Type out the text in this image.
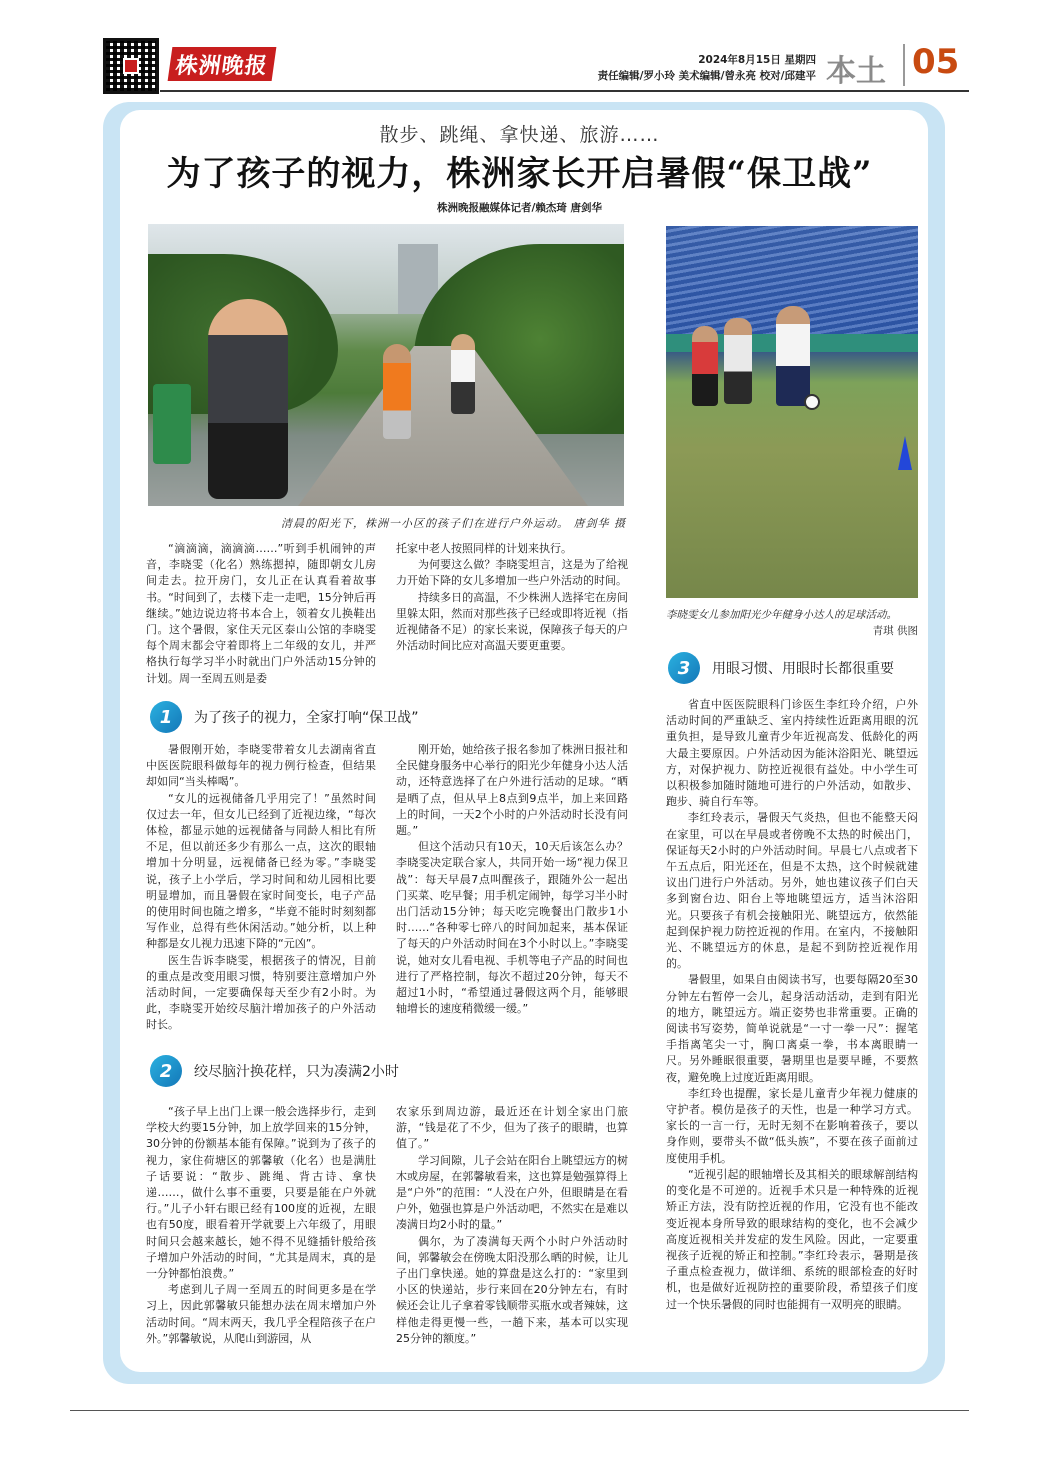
株洲晚报	2024年8月15日 星期四
责任编辑/罗小玲 美术编辑/曾永亮 校对/邱建平 本土 05
散步、跳绳、拿快递、旅游……
为了孩子的视力，株洲家长开启暑假“保卫战”
株洲晚报融媒体记者/赖杰琦 唐剑华
清晨的阳光下，株洲一小区的孩子们在进行户外运动。 唐剑华 摄
李晓雯女儿参加阳光少年健身小达人的足球活动。
青琪 供图

“滴滴滴，滴滴滴……”听到手机闹钟的声音，李晓雯（化名）熟练摁掉，随即朝女儿房间走去。拉开房门，女儿正在认真看着故事书。“时间到了，去楼下走一走吧，15分钟后再继续。”她边说边将书本合上，领着女儿换鞋出门。这个暑假，家住天元区泰山公馆的李晓雯每个周末都会守着即将上二年级的女儿，并严格执行每学习半小时就出门户外活动15分钟的计划。周一至周五则是委

托家中老人按照同样的计划来执行。

为何要这么做？李晓雯坦言，这是为了给视力开始下降的女儿多增加一些户外活动的时间。

持续多日的高温，不少株洲人选择宅在房间里躲太阳，然而对那些孩子已经或即将近视（指近视储备不足）的家长来说，保障孩子每天的户外活动时间比应对高温天要更重要。

1	为了孩子的视力，全家打响“保卫战”

暑假刚开始，李晓雯带着女儿去湖南省直中医医院眼科做每年的视力例行检查，但结果却如同“当头棒喝”。

“女儿的远视储备几乎用完了！”虽然时间仅过去一年，但女儿已经到了近视边缘，“每次体检，都显示她的远视储备与同龄人相比有所不足，但以前还多少有那么一点，这次的眼轴增加十分明显，远视储备已经为零。”李晓雯说，孩子上小学后，学习时间和幼儿园相比要明显增加，而且暑假在家时间变长，电子产品的使用时间也随之增多，“毕竟不能时时刻刻都写作业，总得有些休闲活动。”她分析，以上种种都是女儿视力迅速下降的“元凶”。

医生告诉李晓雯，根据孩子的情况，目前的重点是改变用眼习惯，特别要注意增加户外活动时间，一定要确保每天至少有2小时。为此，李晓雯开始绞尽脑汁增加孩子的户外活动时长。

刚开始，她给孩子报名参加了株洲日报社和全民健身服务中心举行的阳光少年健身小达人活动，还特意选择了在户外进行活动的足球。“晒是晒了点，但从早上8点到9点半，加上来回路上的时间，一天2个小时的户外活动时长没有问题。”

但这个活动只有10天，10天后该怎么办？李晓雯决定联合家人，共同开始一场“视力保卫战”：每天早晨7点叫醒孩子，跟随外公一起出门买菜、吃早餐；用手机定闹钟，每学习半小时出门活动15分钟；每天吃完晚餐出门散步1小时……“各种零七碎八的时间加起来，基本保证了每天的户外活动时间在3个小时以上。”李晓雯说，她对女儿看电视、手机等电子产品的时间也进行了严格控制，每次不超过20分钟，每天不超过1小时，“希望通过暑假这两个月，能够眼轴增长的速度稍微缓一缓。”

2	绞尽脑汁换花样，只为凑满2小时

“孩子早上出门上课一般会选择步行，走到学校大约要15分钟，加上放学回来的15分钟，30分钟的份额基本能有保障。”说到为了孩子的视力，家住荷塘区的郭馨敏（化名）也是满肚子话要说：“散步、跳绳、背古诗、拿快递……，做什么事不重要，只要是能在户外就行。”儿子小轩右眼已经有100度的近视，左眼也有50度，眼看着开学就要上六年级了，用眼时间只会越来越长，她不得不见缝插针般给孩子增加户外活动的时间，“尤其是周末，真的是一分钟都怕浪费。”

考虑到儿子周一至周五的时间更多是在学习上，因此郭馨敏只能想办法在周末增加户外活动时间。“周末两天，我几乎全程陪孩子在户外。”郭馨敏说，从爬山到游园，从

农家乐到周边游，最近还在计划全家出门旅游，“钱是花了不少，但为了孩子的眼睛，也算值了。”

学习间隙，儿子会站在阳台上眺望远方的树木或房屋，在郭馨敏看来，这也算是勉强算得上是“户外”的范围：“人没在户外，但眼睛是在看户外，勉强也算是户外活动吧，不然实在是难以凑满日均2小时的量。”

偶尔，为了凑满每天两个小时户外活动时间，郭馨敏会在傍晚太阳没那么晒的时候，让儿子出门拿快递。她的算盘是这么打的：“家里到小区的快递站，步行来回在20分钟左右，有时候还会让儿子拿着零钱顺带买瓶水或者辣妹，这样他走得更慢一些，一趟下来，基本可以实现25分钟的额度。”

3	用眼习惯、用眼时长都很重要

省直中医医院眼科门诊医生李红玲介绍，户外活动时间的严重缺乏、室内持续性近距离用眼的沉重负担，是导致儿童青少年近视高发、低龄化的两大最主要原因。户外活动因为能沐浴阳光、眺望远方，对保护视力、防控近视很有益处。中小学生可以积极参加随时随地可进行的户外活动，如散步、跑步、骑自行车等。

李红玲表示，暑假天气炎热，但也不能整天闷在家里，可以在早晨或者傍晚不太热的时候出门，保证每天2小时的户外活动时间。早晨七八点或者下午五点后，阳光还在，但是不太热，这个时候就建议出门进行户外活动。另外，她也建议孩子们白天多到窗台边、阳台上等地眺望远方，适当沐浴阳光。只要孩子有机会接触阳光、眺望远方，依然能起到保护视力防控近视的作用。在室内，不接触阳光、不眺望远方的休息，是起不到防控近视作用的。

暑假里，如果自由阅读书写，也要每隔20至30分钟左右暂停一会儿，起身活动活动，走到有阳光的地方，眺望远方。端正姿势也非常重要。正确的阅读书写姿势，简单说就是“一寸一拳一尺”：握笔手指离笔尖一寸，胸口离桌一拳，书本离眼睛一尺。另外睡眠很重要，暑期里也是要早睡，不要熬夜，避免晚上过度近距离用眼。

李红玲也提醒，家长是儿童青少年视力健康的守护者。模仿是孩子的天性，也是一种学习方式。家长的一言一行，无时无刻不在影响着孩子，要以身作则，要带头不做“低头族”，不要在孩子面前过度使用手机。

“近视引起的眼轴增长及其相关的眼球解剖结构的变化是不可逆的。近视手术只是一种特殊的近视矫正方法，没有防控近视的作用，它没有也不能改变近视本身所导致的眼球结构的变化，也不会减少高度近视相关并发症的发生风险。因此，一定要重视孩子近视的矫正和控制。”李红玲表示，暑期是孩子重点检查视力，做详细、系统的眼部检查的好时机，也是做好近视防控的重要阶段，希望孩子们度过一个快乐暑假的同时也能拥有一双明亮的眼睛。
